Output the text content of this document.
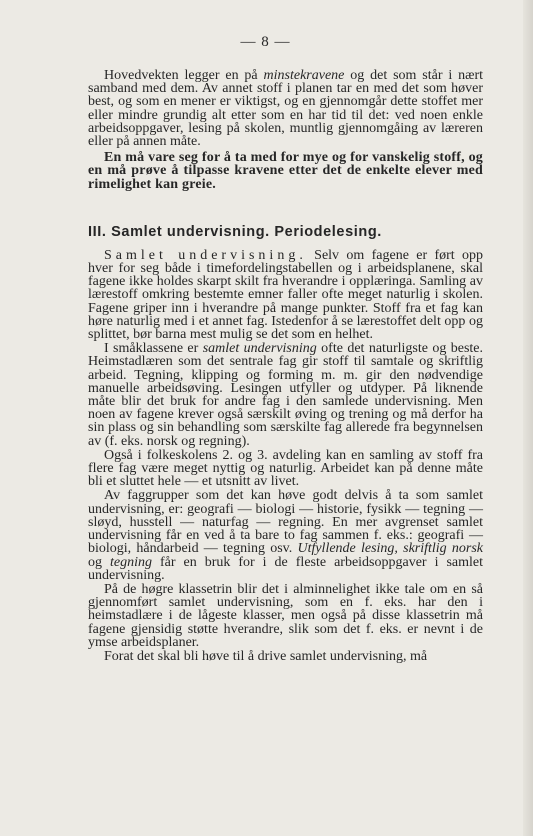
— 8 —

Hovedvekten legger en på minstekravene og det som står i nært samband med dem. Av annet stoff i planen tar en med det som høver best, og som en mener er viktigst, og en gjennomgår dette stoffet mer eller mindre grundig alt etter som en har tid til det: ved noen enkle arbeidsoppgaver, lesing på skolen, muntlig gjennomgåing av læreren eller på annen måte.

En må vare seg for å ta med for mye og for vanskelig stoff, og en må prøve å tilpasse kravene etter det de enkelte elever med rimelighet kan greie.

III. Samlet undervisning. Periodelesing.

Samlet undervisning. Selv om fagene er ført opp hver for seg både i timefordelingstabellen og i arbeidsplanene, skal fagene ikke holdes skarpt skilt fra hverandre i opplæringa. Samling av lærestoff omkring bestemte emner faller ofte meget naturlig i skolen. Fagene griper inn i hverandre på mange punkter. Stoff fra et fag kan høre naturlig med i et annet fag. Istedenfor å se lærestoffet delt opp og splittet, bør barna mest mulig se det som en helhet.

I småklassene er samlet undervisning ofte det naturligste og beste. Heimstadlæren som det sentrale fag gir stoff til samtale og skriftlig arbeid. Tegning, klipping og forming m. m. gir den nødvendige manuelle arbeidsøving. Lesingen utfyller og utdyper. På liknende måte blir det bruk for andre fag i den samlede undervisning. Men noen av fagene krever også særskilt øving og trening og må derfor ha sin plass og sin behandling som særskilte fag allerede fra begynnelsen av (f. eks. norsk og regning).

Også i folkeskolens 2. og 3. avdeling kan en samling av stoff fra flere fag være meget nyttig og naturlig. Arbeidet kan på denne måte bli et sluttet hele — et utsnitt av livet.

Av faggrupper som det kan høve godt delvis å ta som samlet undervisning, er: geografi — biologi — historie, fysikk — tegning — sløyd, husstell — naturfag — regning. En mer avgrenset samlet undervisning får en ved å ta bare to fag sammen f. eks.: geografi — biologi, håndarbeid — tegning osv. Utfyllende lesing, skriftlig norsk og tegning får en bruk for i de fleste arbeidsoppgaver i samlet undervisning.

På de høgre klassetrin blir det i alminnelighet ikke tale om en så gjennomført samlet undervisning, som en f. eks. har den i heimstadlære i de lågeste klasser, men også på disse klassetrin må fagene gjensidig støtte hverandre, slik som det f. eks. er nevnt i de ymse arbeidsplaner.

Forat det skal bli høve til å drive samlet undervisning, må
